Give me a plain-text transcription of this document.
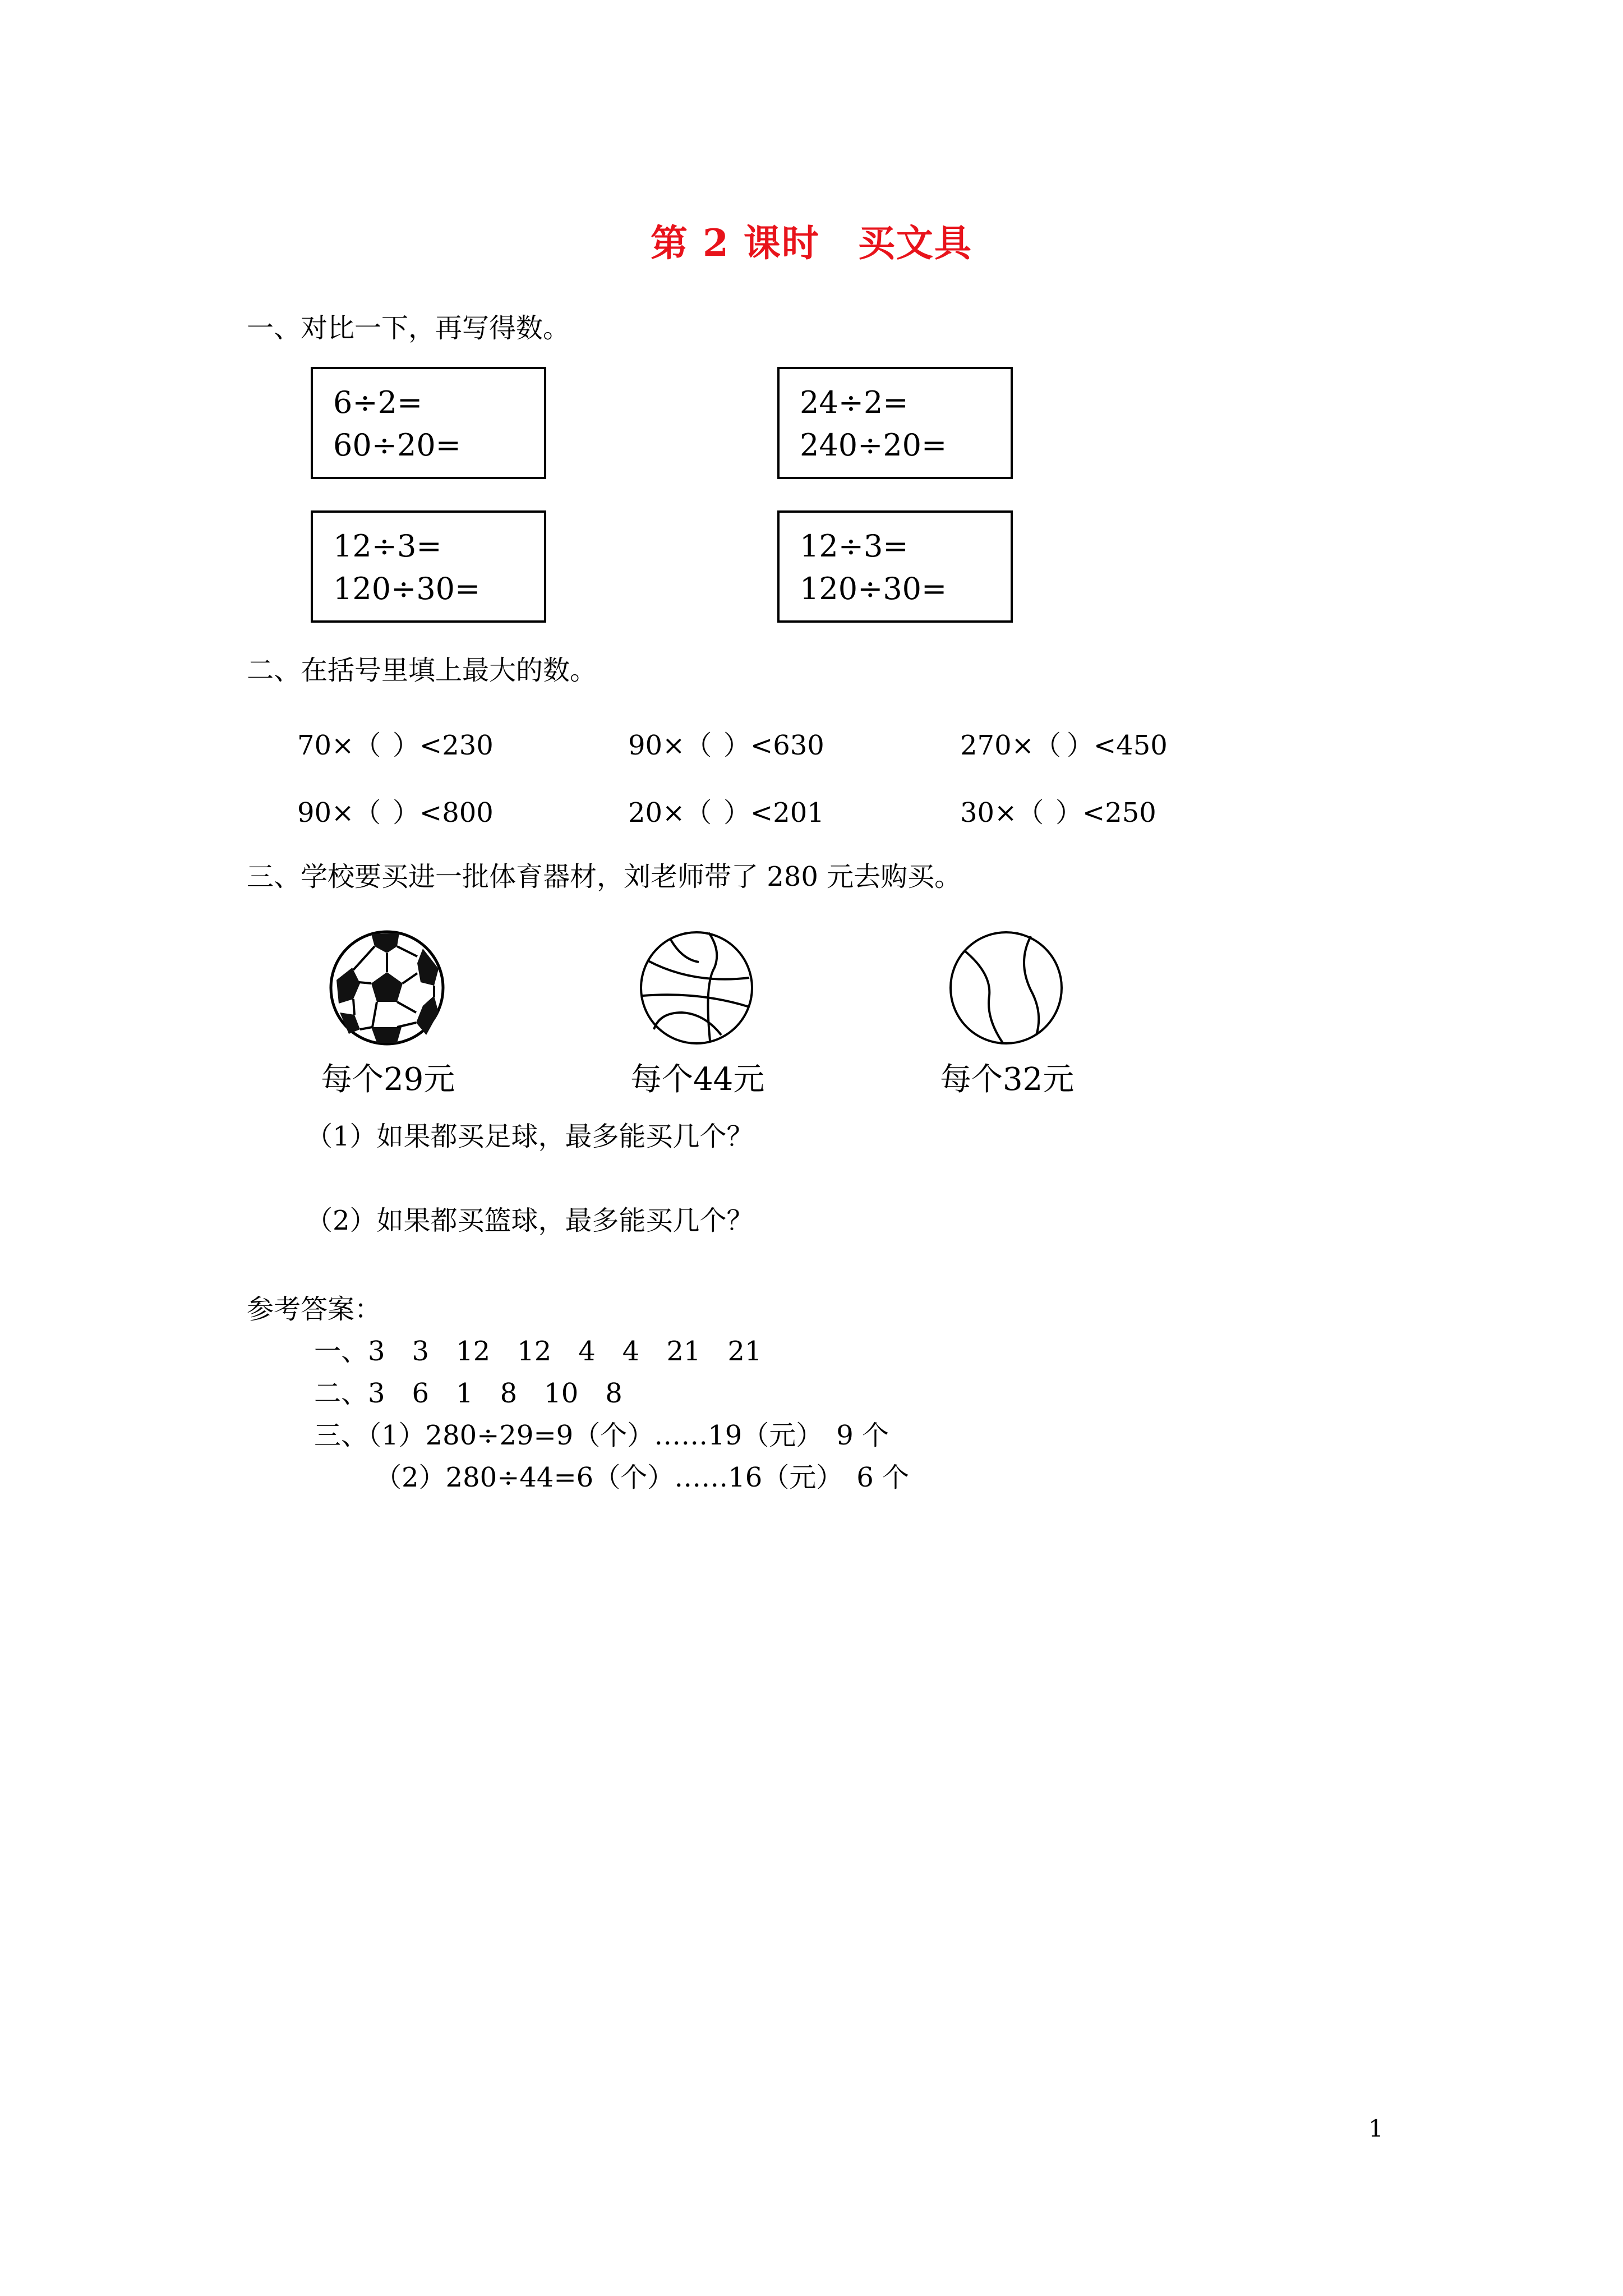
第 2 课时　买文具
一、对比一下，再写得数。
6÷2=
60÷20=
24÷2=
240÷20=
12÷3=
120÷30=
12÷3=
120÷30=
二、在括号里填上最大的数。
70×（ ）<230	90×（ ）<630	270×（ ）<450
90×（ ）<800	20×（ ）<201	30×（ ）<250
三、学校要买进一批体育器材，刘老师带了 280 元去购买。
每个29元	每个44元	每个32元
（1）如果都买足球，最多能买几个？
（2）如果都买篮球，最多能买几个？
参考答案：
一、3　3　12　12　4　4　21　21
二、3　6　1　8　10　8
三、（1）280÷29=9（个）……19（元）　9 个
（2）280÷44=6（个）……16（元）　6 个
1
